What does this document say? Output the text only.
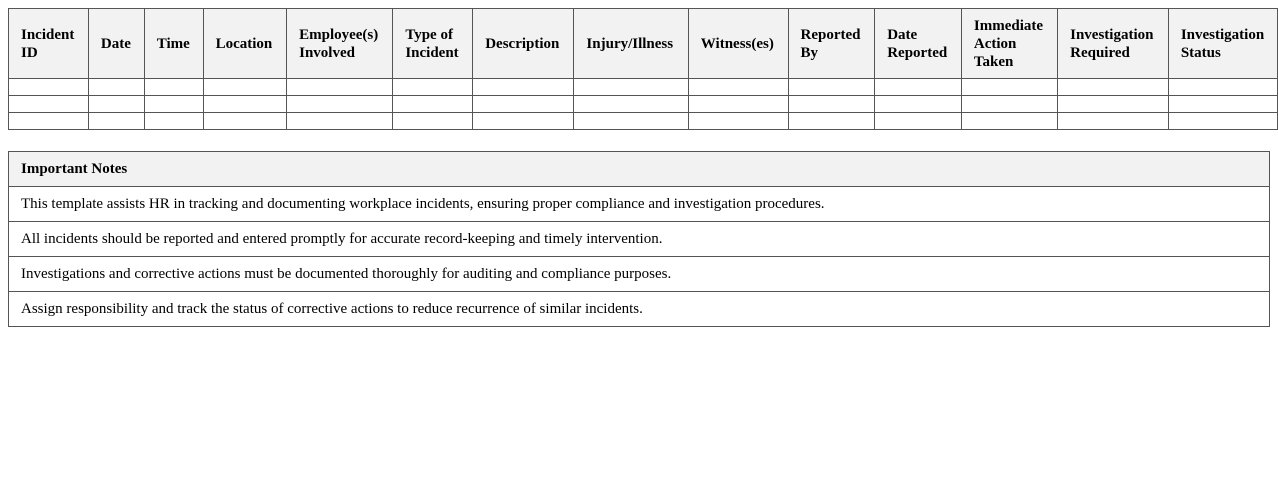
Incident ID	Date	Time	Location	Employee(s) Involved	Type of Incident	Description	Injury/Illness	Witness(es)	Reported By	Date Reported	Immediate Action Taken	Investigation Required	Investigation Status

Important Notes
This template assists HR in tracking and documenting workplace incidents, ensuring proper compliance and investigation procedures.
All incidents should be reported and entered promptly for accurate record-keeping and timely intervention.
Investigations and corrective actions must be documented thoroughly for auditing and compliance purposes.
Assign responsibility and track the status of corrective actions to reduce recurrence of similar incidents.
